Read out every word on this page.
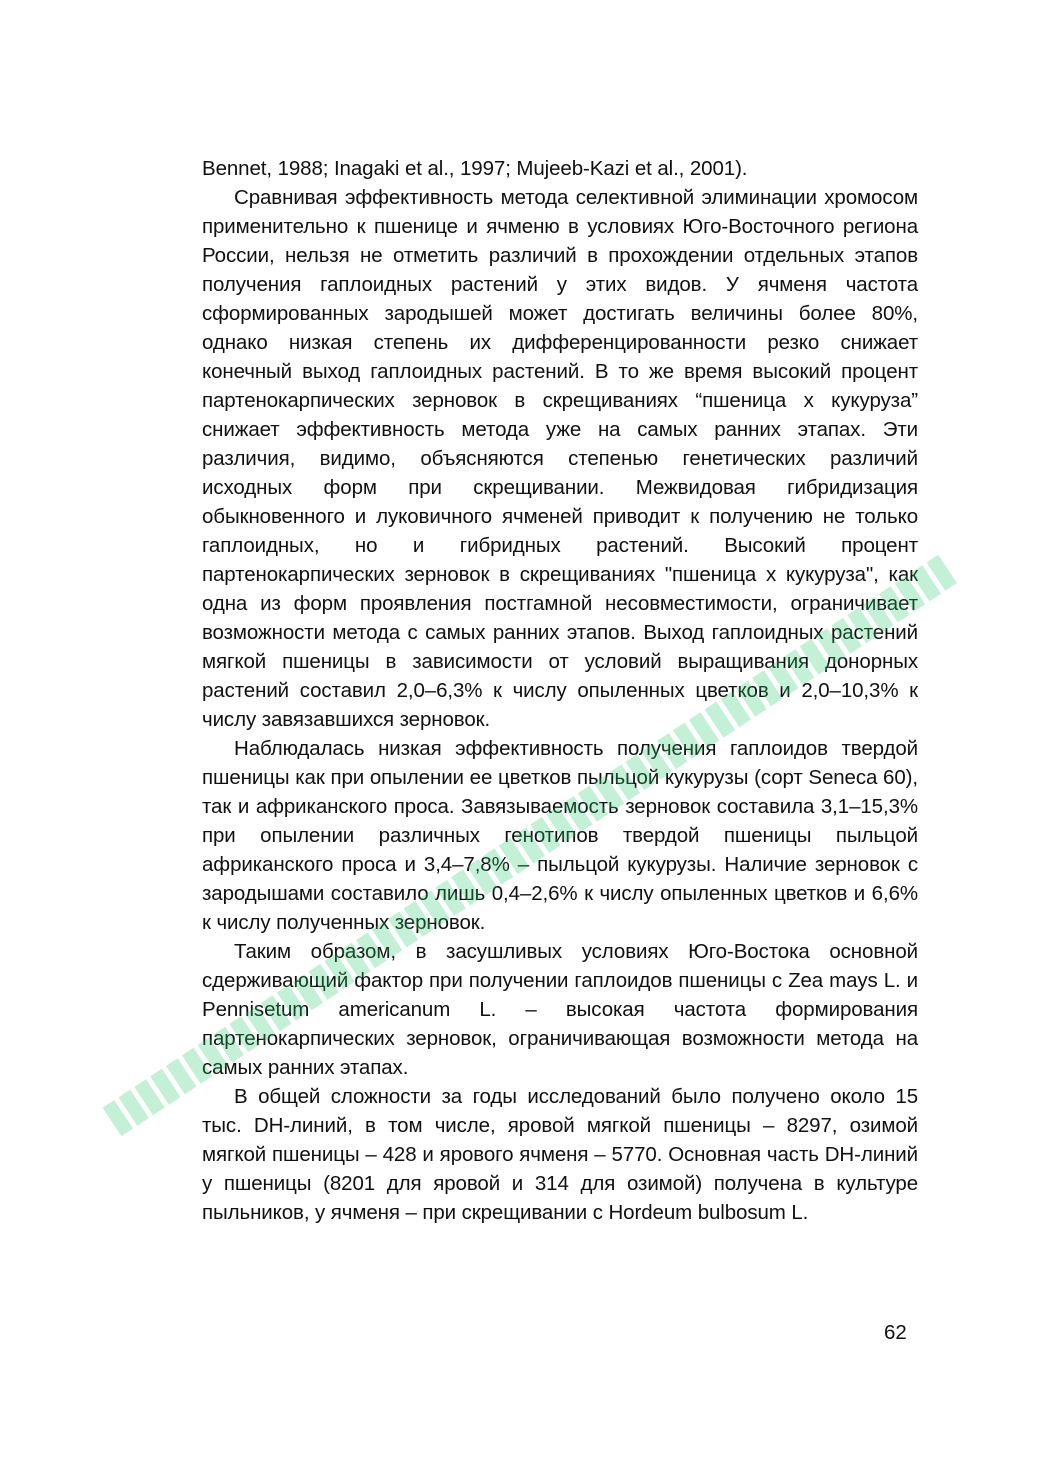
Bennet, 1988; Inagaki et al., 1997; Mujeeb-Kazi et al., 2001).

Сравнивая эффективность метода селективной элиминации хромосом применительно к пшенице и ячменю в условиях Юго-Восточного региона России, нельзя не отметить различий в прохождении отдельных этапов получения гаплоидных растений у этих видов. У ячменя частота сформированных зародышей может достигать величины более 80%, однако низкая степень их дифференцированности резко снижает конечный выход гаплоидных растений. В то же время высокий процент партенокарпических зерновок в скрещиваниях “пшеница х кукуруза” снижает эффективность метода уже на самых ранних этапах. Эти различия, видимо, объясняются степенью генетических различий исходных форм при скрещивании. Межвидовая гибридизация обыкновенного и луковичного ячменей приводит к получению не только гаплоидных, но и гибридных растений. Высокий процент партенокарпических зерновок в скрещиваниях "пшеница х кукуруза", как одна из форм проявления постгамной несовместимости, ограничивает возможности метода с самых ранних этапов. Выход гаплоидных растений мягкой пшеницы в зависимости от условий выращивания донорных растений составил 2,0–6,3% к числу опыленных цветков и 2,0–10,3% к числу завязавшихся зерновок.

Наблюдалась низкая эффективность получения гаплоидов твердой пшеницы как при опылении ее цветков пыльцой кукурузы (сорт Seneca 60), так и африканского проса. Завязываемость зерновок составила 3,1–15,3% при опылении различных генотипов твердой пшеницы пыльцой африканского проса и 3,4–7,8% – пыльцой кукурузы. Наличие зерновок с зародышами составило лишь 0,4–2,6% к числу опыленных цветков и 6,6% к числу полученных зерновок.

Таким образом, в засушливых условиях Юго-Востока основной сдерживающий фактор при получении гаплоидов пшеницы с Zea mays L. и Pennisetum americanum L. – высокая частота формирования партенокарпических зерновок, ограничивающая возможности метода на самых ранних этапах.

В общей сложности за годы исследований было получено около 15 тыс. DH-линий, в том числе, яровой мягкой пшеницы – 8297, озимой мягкой пшеницы – 428 и ярового ячменя – 5770. Основная часть DH-линий у пшеницы (8201 для яровой и 314 для озимой) получена в культуре пыльников, у ячменя – при скрещивании с Hordeum bulbosum L.

62
